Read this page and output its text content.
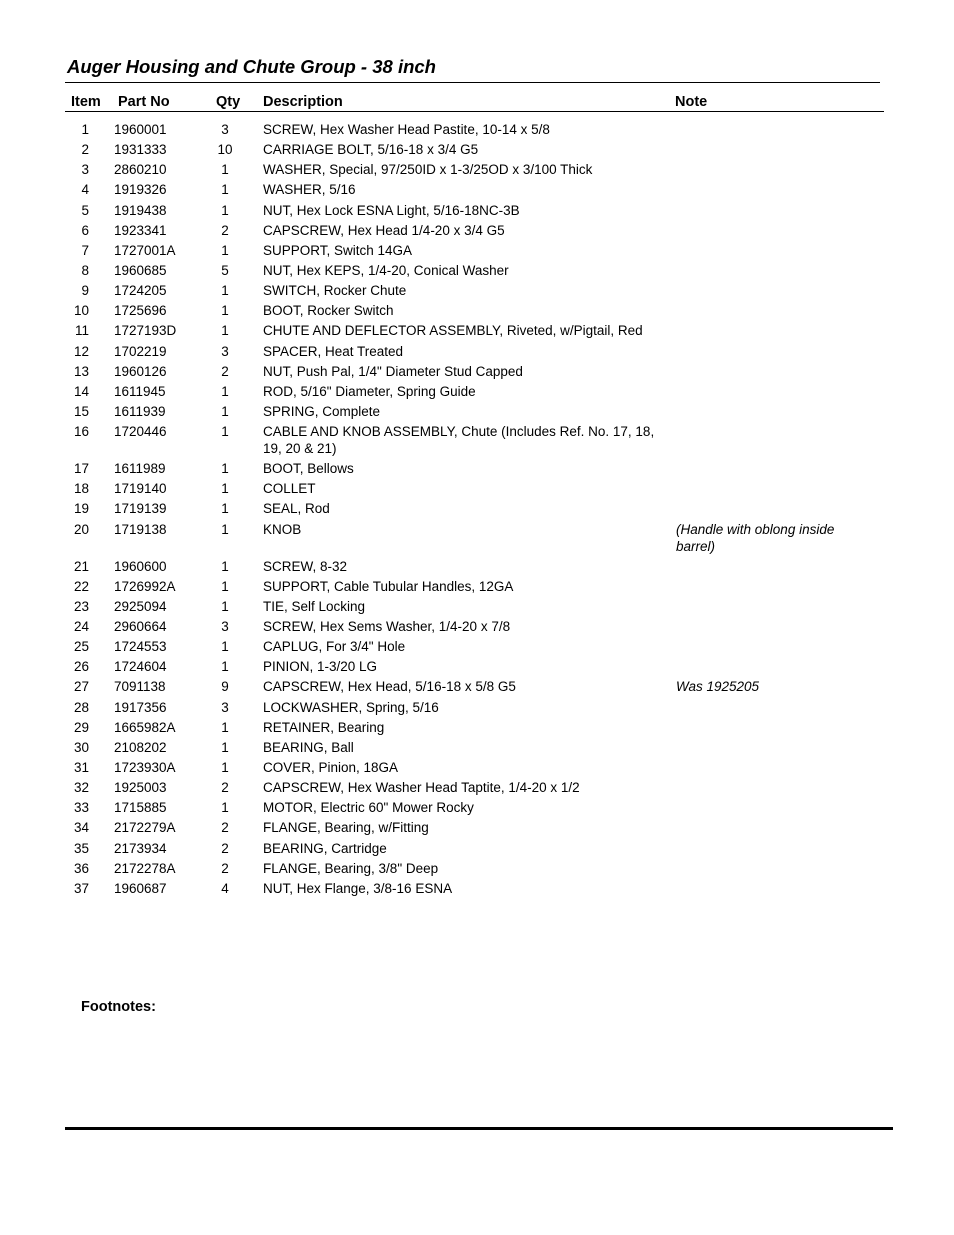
Auger Housing and Chute Group - 38 inch
Item Part No	Qty Description	Note
1 1960001	3	SCREW, Hex Washer Head Pastite, 10-14 x 5/8
2 1931333	10 CARRIAGE BOLT, 5/16-18 x 3/4 G5
3 2860210	1	WASHER, Special, 97/250ID x 1-3/25OD x 3/100 Thick
4 1919326	1	WASHER, 5/16
5 1919438	1	NUT, Hex Lock ESNA Light, 5/16-18NC-3B
6 1923341	2	CAPSCREW, Hex Head 1/4-20 x 3/4 G5
7 1727001A	1	SUPPORT, Switch 14GA
8 1960685	5	NUT, Hex KEPS, 1/4-20, Conical Washer
9 1724205	1	SWITCH, Rocker Chute
10 1725696	1	BOOT, Rocker Switch
11 1727193D	1	CHUTE AND DEFLECTOR ASSEMBLY, Riveted, w/Pigtail, Red
12 1702219	3	SPACER, Heat Treated
13 1960126	2	NUT, Push Pal, 1/4" Diameter Stud Capped
14 1611945	1	ROD, 5/16" Diameter, Spring Guide
15 1611939	1	SPRING, Complete
16 1720446	1	CABLE AND KNOB ASSEMBLY, Chute (Includes Ref. No. 17, 18, 19, 20 & 21)
17 1611989	1	BOOT, Bellows
18 1719140	1	COLLET
19 1719139	1	SEAL, Rod
20 1719138	1	KNOB	(Handle with oblong inside barrel)
21 1960600	1	SCREW, 8-32
22 1726992A	1	SUPPORT, Cable Tubular Handles, 12GA
23 2925094	1	TIE, Self Locking
24 2960664	3	SCREW, Hex Sems Washer, 1/4-20 x 7/8
25 1724553	1	CAPLUG, For 3/4" Hole
26 1724604	1	PINION, 1-3/20 LG
27 7091138	9	CAPSCREW, Hex Head, 5/16-18 x 5/8 G5	Was 1925205
28 1917356	3	LOCKWASHER, Spring, 5/16
29 1665982A	1	RETAINER, Bearing
30 2108202	1	BEARING, Ball
31 1723930A	1	COVER, Pinion, 18GA
32 1925003	2	CAPSCREW, Hex Washer Head Taptite, 1/4-20 x 1/2
33 1715885	1	MOTOR, Electric 60" Mower Rocky
34 2172279A	2	FLANGE, Bearing, w/Fitting
35 2173934	2	BEARING, Cartridge
36 2172278A	2	FLANGE, Bearing, 3/8" Deep
37 1960687	4	NUT, Hex Flange, 3/8-16 ESNA
Footnotes:
